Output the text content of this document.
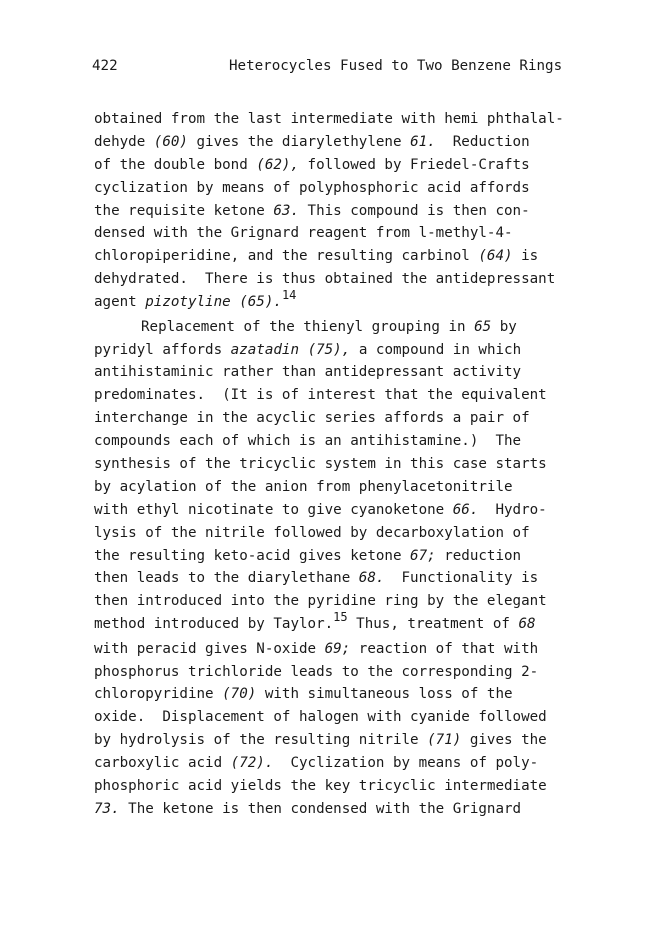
422	Heterocycles Fused to Two Benzene Rings
obtained from the last intermediate with hemi phthalal-
dehyde (60) gives the diarylethylene 61.  Reduction
of the double bond (62), followed by Friedel-Crafts
cyclization by means of polyphosphoric acid affords
the requisite ketone 63. This compound is then con-
densed with the Grignard reagent from l-methyl-4-
chloropiperidine, and the resulting carbinol (64) is
dehydrated.  There is thus obtained the antidepressant
agent pizotyline (65).$^{14}$
Replacement of the thienyl grouping in 65 by
pyridyl affords azatadin (75), a compound in which
antihistaminic rather than antidepressant activity
predominates.  (It is of interest that the equivalent
interchange in the acyclic series affords a pair of
compounds each of which is an antihistamine.)  The
synthesis of the tricyclic system in this case starts
by acylation of the anion from phenylacetonitrile
with ethyl nicotinate to give cyanoketone 66.  Hydro-
lysis of the nitrile followed by decarboxylation of
the resulting keto-acid gives ketone 67; reduction
then leads to the diarylethane 68.  Functionality is
then introduced into the pyridine ring by the elegant
method introduced by Taylor.$^{15}$ Thus, treatment of 68
with peracid gives N-oxide 69; reaction of that with
phosphorus trichloride leads to the corresponding 2-
chloropyridine (70) with simultaneous loss of the
oxide.  Displacement of halogen with cyanide followed
by hydrolysis of the resulting nitrile (71) gives the
carboxylic acid (72).  Cyclization by means of poly-
phosphoric acid yields the key tricyclic intermediate
73. The ketone is then condensed with the Grignard
